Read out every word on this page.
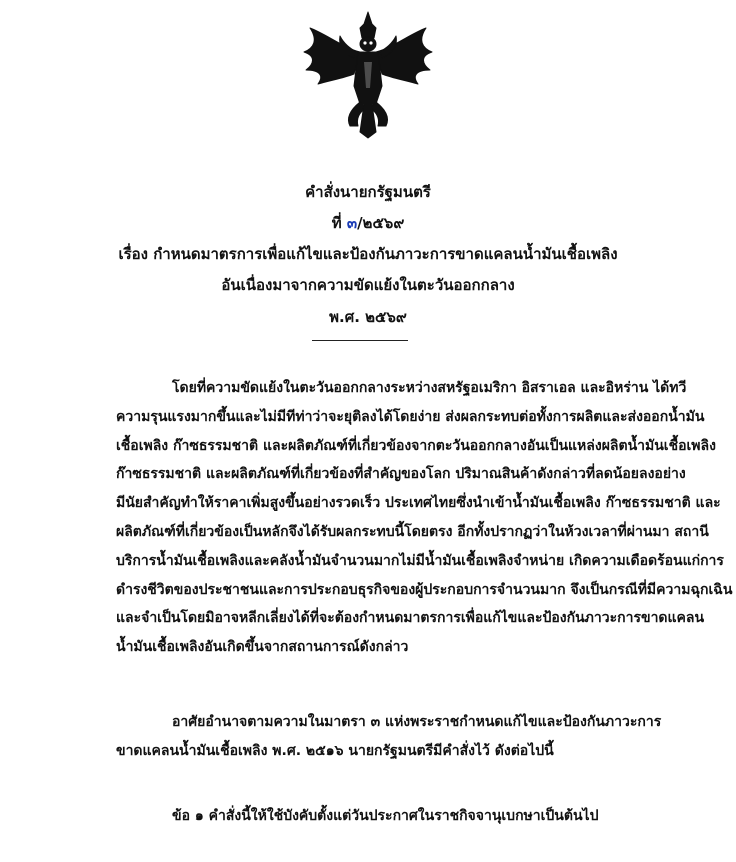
คำสั่งนายกรัฐมนตรี
ที่ ๓/๒๕๖๙
เรื่อง กำหนดมาตรการเพื่อแก้ไขและป้องกันภาวะการขาดแคลนน้ำมันเชื้อเพลิง
อันเนื่องมาจากความขัดแย้งในตะวันออกกลาง
พ.ศ. ๒๕๖๙
โดยที่ความขัดแย้งในตะวันออกกลางระหว่างสหรัฐอเมริกา อิสราเอล และอิหร่าน ได้ทวี
ความรุนแรงมากขึ้นและไม่มีทีท่าว่าจะยุติลงได้โดยง่าย ส่งผลกระทบต่อทั้งการผลิตและส่งออกน้ำมัน
เชื้อเพลิง ก๊าซธรรมชาติ และผลิตภัณฑ์ที่เกี่ยวข้องจากตะวันออกกลางอันเป็นแหล่งผลิตน้ำมันเชื้อเพลิง
ก๊าซธรรมชาติ และผลิตภัณฑ์ที่เกี่ยวข้องที่สำคัญของโลก ปริมาณสินค้าดังกล่าวที่ลดน้อยลงอย่าง
มีนัยสำคัญทำให้ราคาเพิ่มสูงขึ้นอย่างรวดเร็ว ประเทศไทยซึ่งนำเข้าน้ำมันเชื้อเพลิง ก๊าซธรรมชาติ และ
ผลิตภัณฑ์ที่เกี่ยวข้องเป็นหลักจึงได้รับผลกระทบนี้โดยตรง อีกทั้งปรากฏว่าในห้วงเวลาที่ผ่านมา สถานี
บริการน้ำมันเชื้อเพลิงและคลังน้ำมันจำนวนมากไม่มีน้ำมันเชื้อเพลิงจำหน่าย เกิดความเดือดร้อนแก่การ
ดำรงชีวิตของประชาชนและการประกอบธุรกิจของผู้ประกอบการจำนวนมาก จึงเป็นกรณีที่มีความฉุกเฉิน
และจำเป็นโดยมิอาจหลีกเลี่ยงได้ที่จะต้องกำหนดมาตรการเพื่อแก้ไขและป้องกันภาวะการขาดแคลน
น้ำมันเชื้อเพลิงอันเกิดขึ้นจากสถานการณ์ดังกล่าว
อาศัยอำนาจตามความในมาตรา ๓ แห่งพระราชกำหนดแก้ไขและป้องกันภาวะการ
ขาดแคลนน้ำมันเชื้อเพลิง พ.ศ. ๒๕๑๖ นายกรัฐมนตรีมีคำสั่งไว้ ดังต่อไปนี้
ข้อ ๑ คำสั่งนี้ให้ใช้บังคับตั้งแต่วันประกาศในราชกิจจานุเบกษาเป็นต้นไป
